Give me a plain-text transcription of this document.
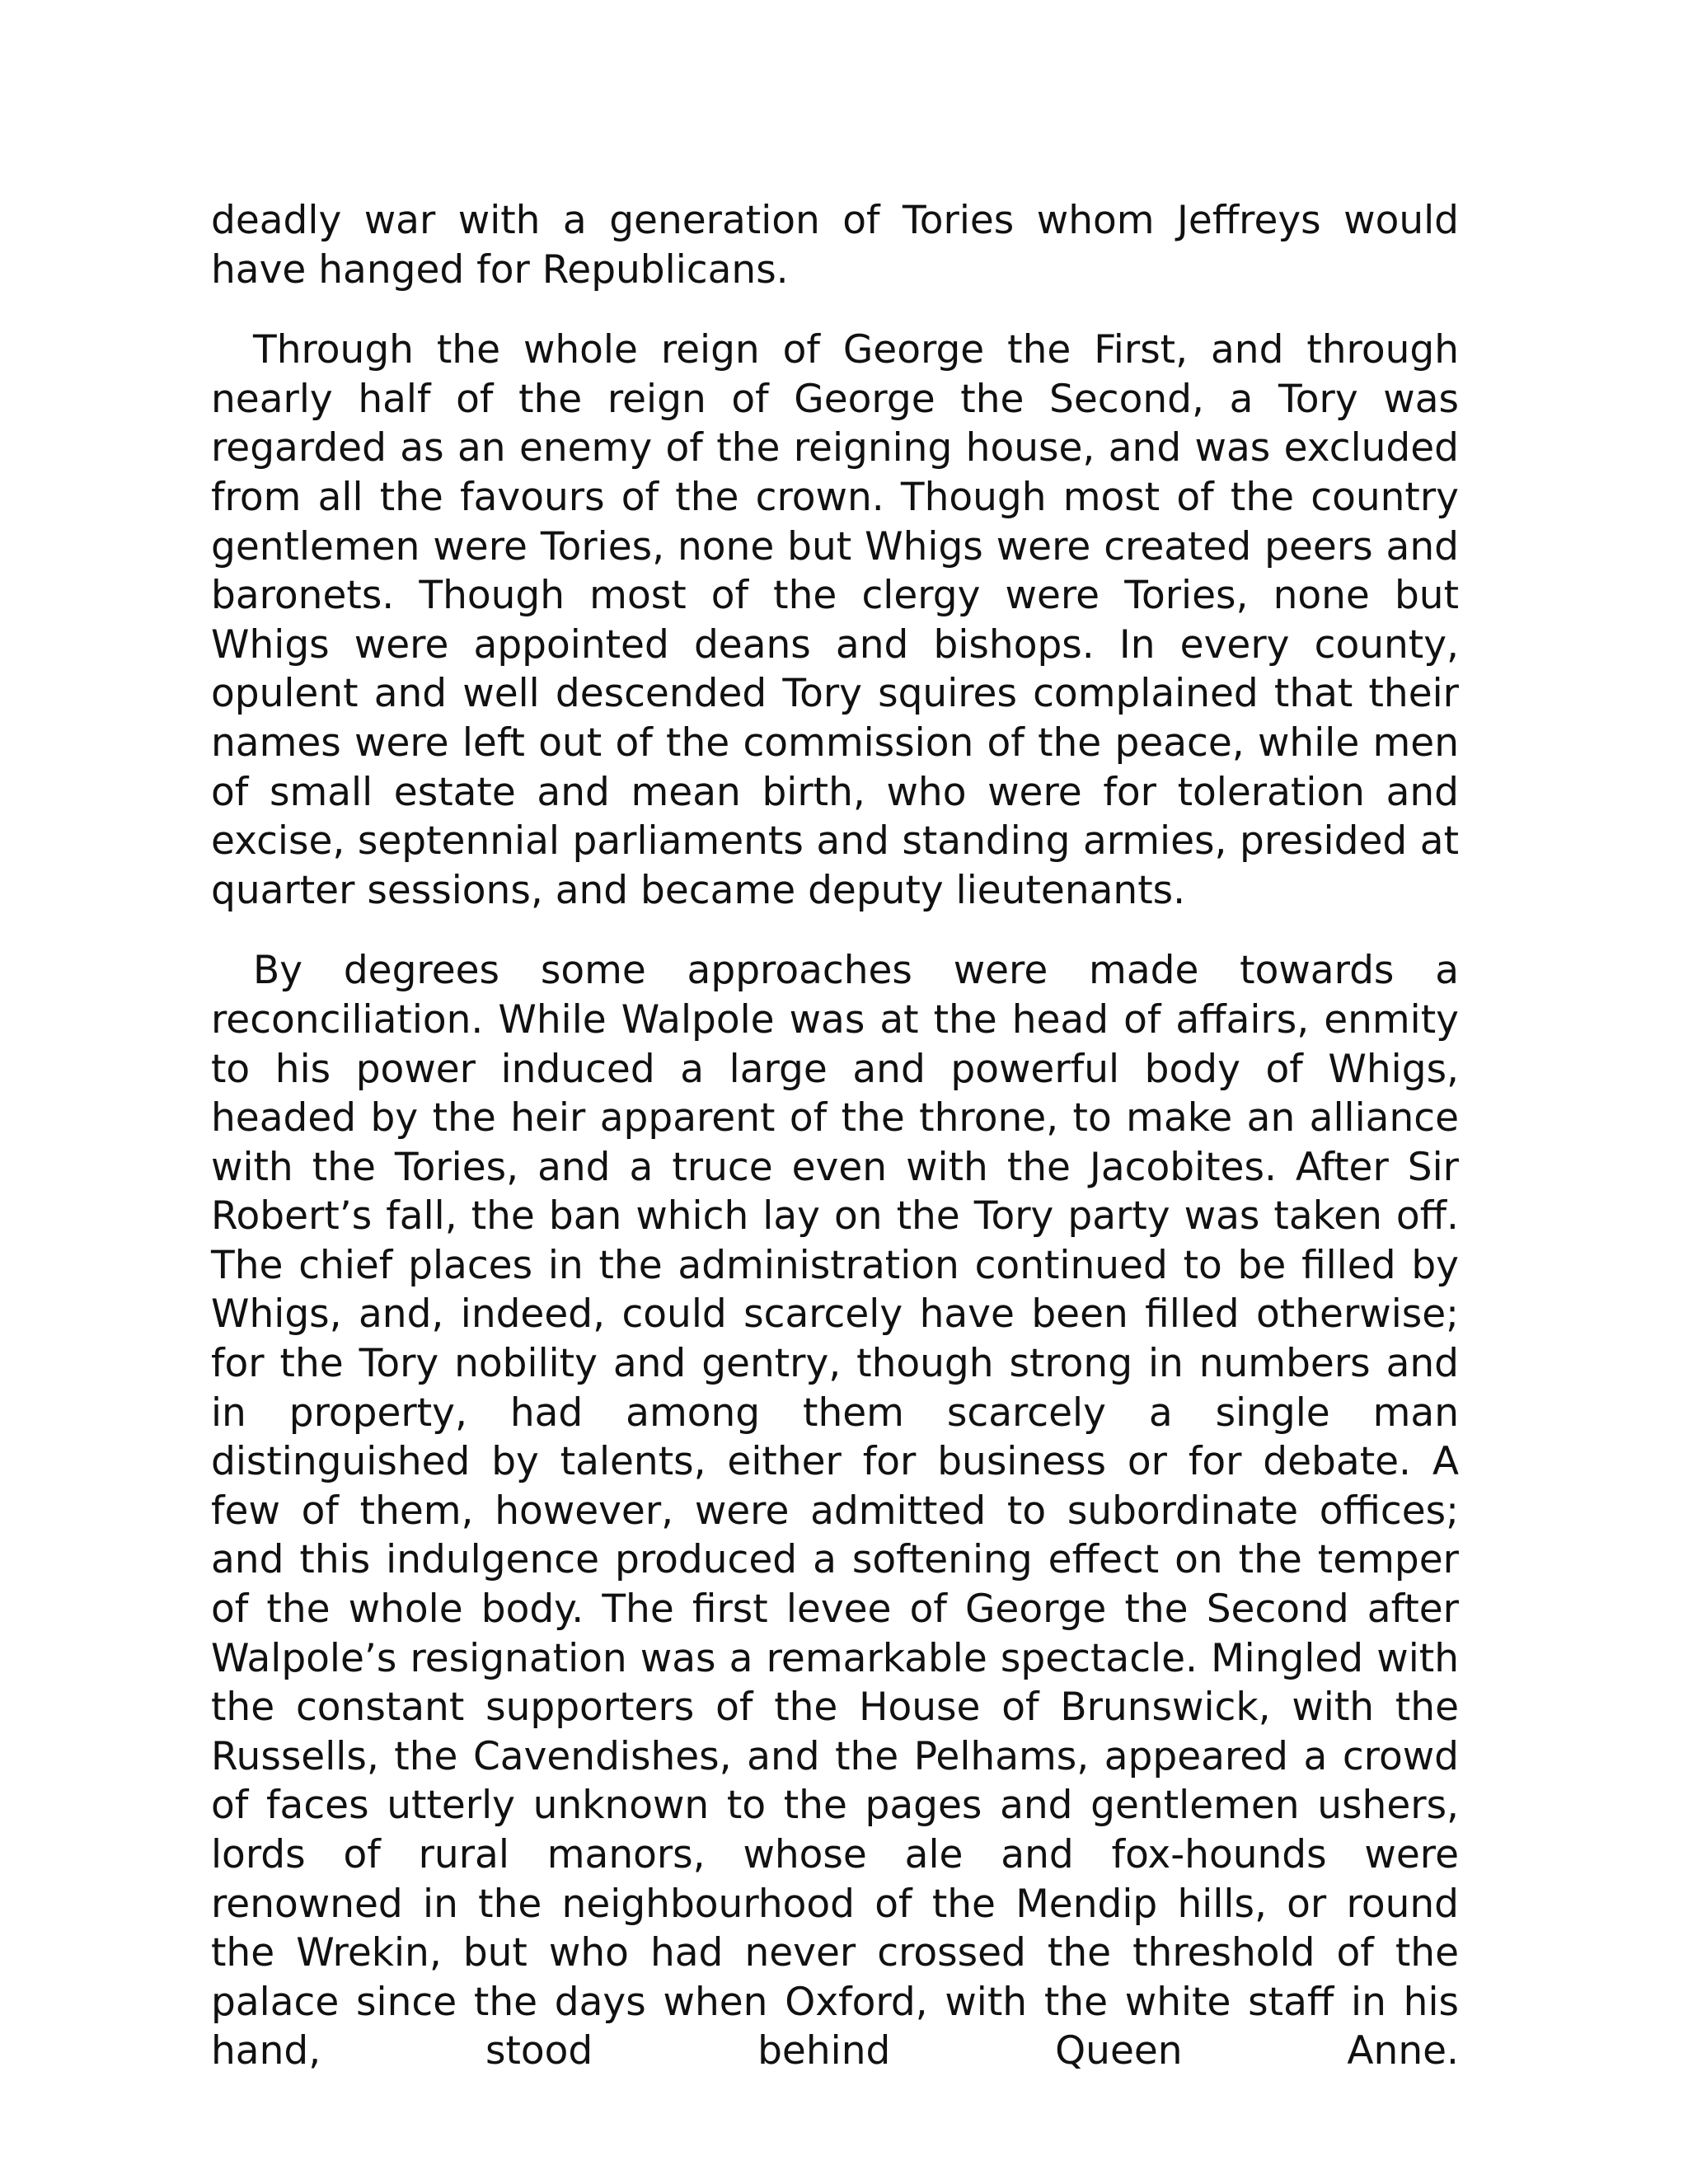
deadly war with a generation of Tories whom Jeffreys would have hanged for Republicans.

Through the whole reign of George the First, and through nearly half of the reign of George the Second, a Tory was regarded as an enemy of the reigning house, and was excluded from all the favours of the crown. Though most of the country gentlemen were Tories, none but Whigs were created peers and baronets. Though most of the clergy were Tories, none but Whigs were appointed deans and bishops. In every county, opulent and well descended Tory squires complained that their names were left out of the commission of the peace, while men of small estate and mean birth, who were for toleration and excise, septennial parliaments and standing armies, presided at quarter sessions, and became deputy lieutenants.

By degrees some approaches were made towards a reconciliation. While Walpole was at the head of affairs, enmity to his power induced a large and powerful body of Whigs, headed by the heir apparent of the throne, to make an alliance with the Tories, and a truce even with the Jacobites. After Sir Robert’s fall, the ban which lay on the Tory party was taken off. The chief places in the administration continued to be filled by Whigs, and, indeed, could scarcely have been filled otherwise; for the Tory nobility and gentry, though strong in numbers and in property, had among them scarcely a single man distinguished by talents, either for business or for debate. A few of them, however, were admitted to subordinate offices; and this indulgence produced a softening effect on the temper of the whole body. The first levee of George the Second after Walpole’s resignation was a remarkable spectacle. Mingled with the constant supporters of the House of Brunswick, with the Russells, the Cavendishes, and the Pelhams, appeared a crowd of faces utterly unknown to the pages and gentlemen ushers, lords of rural manors, whose ale and fox-hounds were renowned in the neighbourhood of the Mendip hills, or round the Wrekin, but who had never crossed the threshold of the palace since the days when Oxford, with the white staff in his hand, stood behind Queen Anne.
